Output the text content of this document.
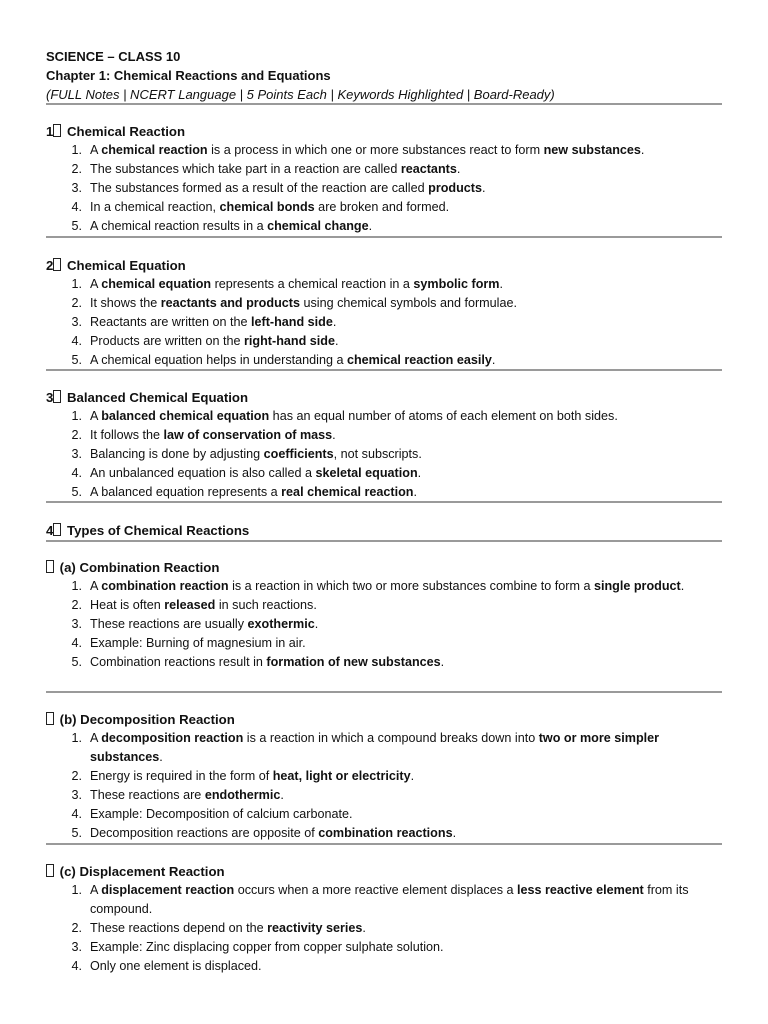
SCIENCE – CLASS 10
Chapter 1: Chemical Reactions and Equations
(FULL Notes | NCERT Language | 5 Points Each | Keywords Highlighted | Board-Ready)
1 Chemical Reaction
1. A chemical reaction is a process in which one or more substances react to form new substances.
2. The substances which take part in a reaction are called reactants.
3. The substances formed as a result of the reaction are called products.
4. In a chemical reaction, chemical bonds are broken and formed.
5. A chemical reaction results in a chemical change.
2 Chemical Equation
1. A chemical equation represents a chemical reaction in a symbolic form.
2. It shows the reactants and products using chemical symbols and formulae.
3. Reactants are written on the left-hand side.
4. Products are written on the right-hand side.
5. A chemical equation helps in understanding a chemical reaction easily.
3 Balanced Chemical Equation
1. A balanced chemical equation has an equal number of atoms of each element on both sides.
2. It follows the law of conservation of mass.
3. Balancing is done by adjusting coefficients, not subscripts.
4. An unbalanced equation is also called a skeletal equation.
5. A balanced equation represents a real chemical reaction.
4 Types of Chemical Reactions
(a) Combination Reaction
1. A combination reaction is a reaction in which two or more substances combine to form a single product.
2. Heat is often released in such reactions.
3. These reactions are usually exothermic.
4. Example: Burning of magnesium in air.
5. Combination reactions result in formation of new substances.
(b) Decomposition Reaction
1. A decomposition reaction is a reaction in which a compound breaks down into two or more simpler substances.
2. Energy is required in the form of heat, light or electricity.
3. These reactions are endothermic.
4. Example: Decomposition of calcium carbonate.
5. Decomposition reactions are opposite of combination reactions.
(c) Displacement Reaction
1. A displacement reaction occurs when a more reactive element displaces a less reactive element from its compound.
2. These reactions depend on the reactivity series.
3. Example: Zinc displacing copper from copper sulphate solution.
4. Only one element is displaced.
